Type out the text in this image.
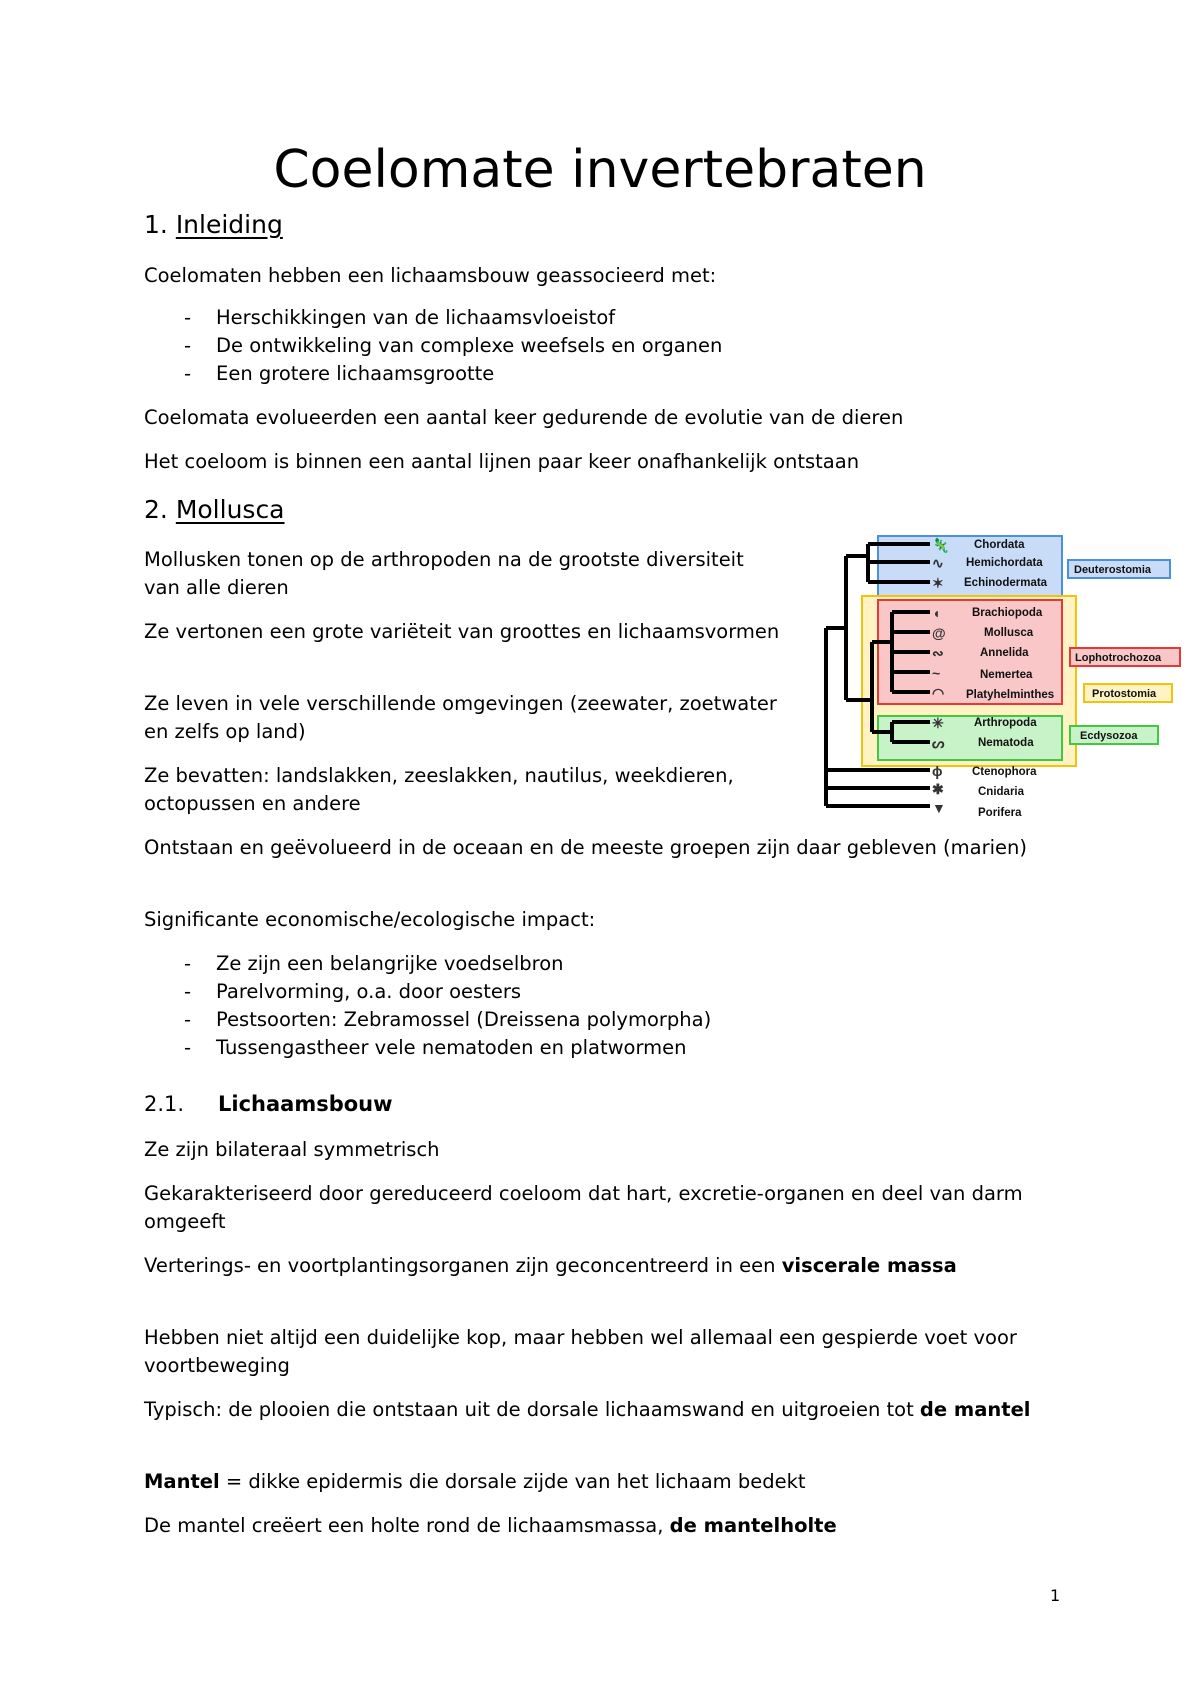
Coelomate invertebraten
1. Inleiding

Coelomaten hebben een lichaamsbouw geassocieerd met:

- Herschikkingen van de lichaamsvloeistof
- De ontwikkeling van complexe weefsels en organen
- Een grotere lichaamsgrootte

Coelomata evolueerden een aantal keer gedurende de evolutie van de dieren

Het coeloom is binnen een aantal lijnen paar keer onafhankelijk ontstaan

2. Mollusca

Mollusken tonen op de arthropoden na de grootste diversiteit van alle dieren

Ze vertonen een grote variëteit van groottes en lichaamsvormen

Ze leven in vele verschillende omgevingen (zeewater, zoetwater en zelfs op land)

Ze bevatten: landslakken, zeeslakken, nautilus, weekdieren, octopussen en andere

Ontstaan en geëvolueerd in de oceaan en de meeste groepen zijn daar gebleven (marien)

Significante economische/ecologische impact:

- Ze zijn een belangrijke voedselbron
- Parelvorming, o.a. door oesters
- Pestsoorten: Zebramossel (Dreissena polymorpha)
- Tussengastheer vele nematoden en platwormen
🦎
∿
✶
◖
@
∾
~
◠
✳
ᔕ
ϕ
✱
▼
Chordata
Hemichordata
Echinodermata
Brachiopoda
Mollusca
Annelida
Nemertea
Platyhelminthes
Arthropoda
Nematoda
Ctenophora
Cnidaria
Porifera
Deuterostomia
Lophotrochozoa
Protostomia
Ecdysozoa
2.1. Lichaamsbouw

Ze zijn bilateraal symmetrisch

Gekarakteriseerd door gereduceerd coeloom dat hart, excretie-organen en deel van darm omgeeft

Verterings- en voortplantingsorganen zijn geconcentreerd in een viscerale massa

Hebben niet altijd een duidelijke kop, maar hebben wel allemaal een gespierde voet voor voortbeweging

Typisch: de plooien die ontstaan uit de dorsale lichaamswand en uitgroeien tot de mantel

Mantel = dikke epidermis die dorsale zijde van het lichaam bedekt

De mantel creëert een holte rond de lichaamsmassa, de mantelholte

1
